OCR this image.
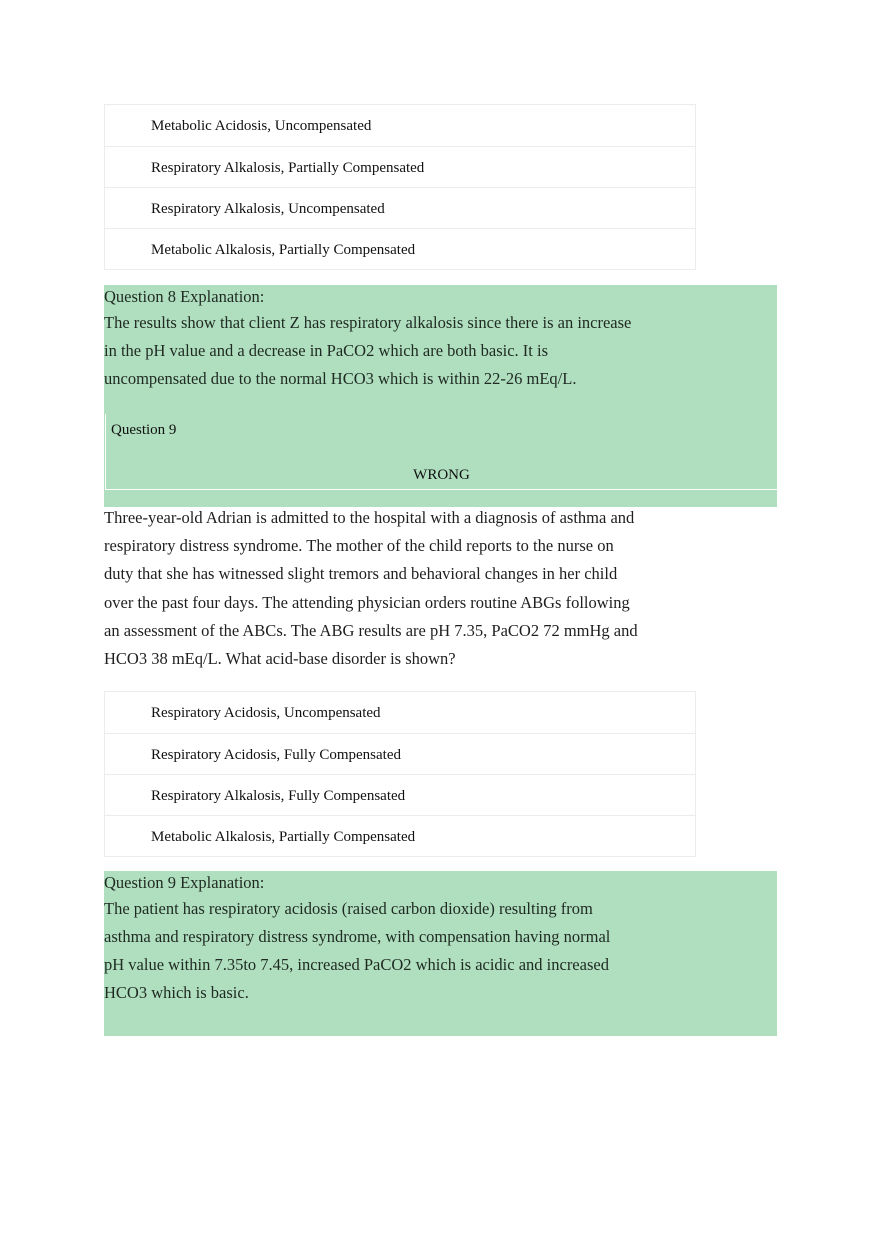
Metabolic Acidosis, Uncompensated
Respiratory Alkalosis, Partially Compensated
Respiratory Alkalosis, Uncompensated
Metabolic Alkalosis, Partially Compensated
Question 8 Explanation:
The results show that client Z has respiratory alkalosis since there is an increase
in the pH value and a decrease in PaCO2 which are both basic. It is
uncompensated due to the normal HCO3 which is within 22-26 mEq/L.
Question 9
WRONG
Three-year-old Adrian is admitted to the hospital with a diagnosis of asthma and
respiratory distress syndrome. The mother of the child reports to the nurse on
duty that she has witnessed slight tremors and behavioral changes in her child
over the past four days. The attending physician orders routine ABGs following
an assessment of the ABCs. The ABG results are pH 7.35, PaCO2 72 mmHg and
HCO3 38 mEq/L. What acid-base disorder is shown?
Respiratory Acidosis, Uncompensated
Respiratory Acidosis, Fully Compensated
Respiratory Alkalosis, Fully Compensated
Metabolic Alkalosis, Partially Compensated
Question 9 Explanation:
The patient has respiratory acidosis (raised carbon dioxide) resulting from
asthma and respiratory distress syndrome, with compensation having normal
pH value within 7.35to 7.45, increased PaCO2 which is acidic and increased
HCO3 which is basic.
